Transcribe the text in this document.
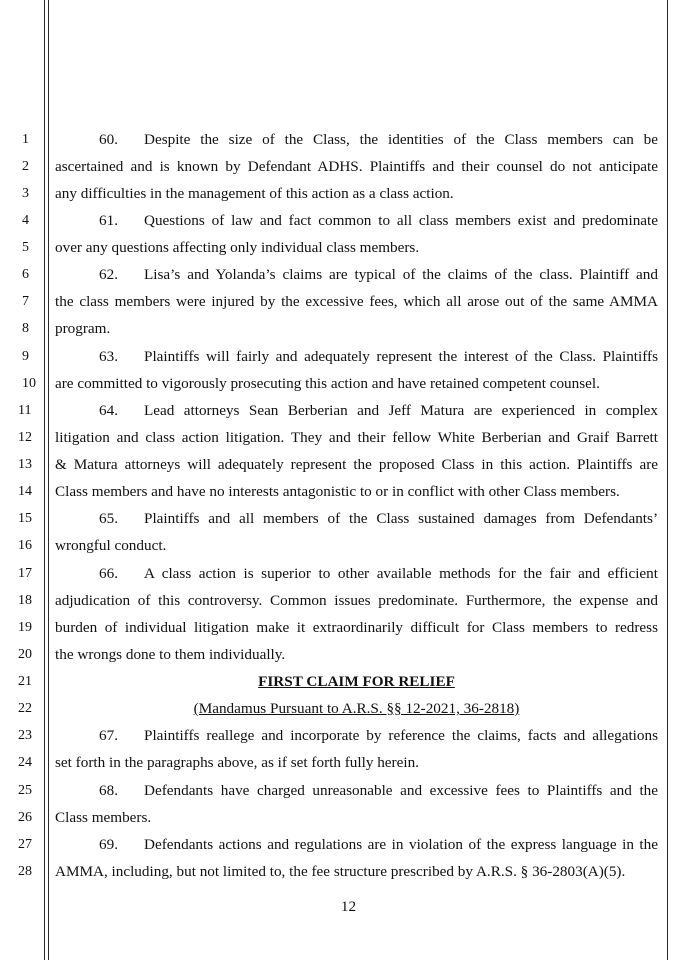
1
2
3
4
5
6
7
8
9
10
11
12
13
14
15
16
17
18
19
20
21
22
23
24
25
26
27
28
60. Despite the size of the Class, the identities of the Class members can be
ascertained and is known by Defendant ADHS. Plaintiffs and their counsel do not anticipate
any difficulties in the management of this action as a class action.
61. Questions of law and fact common to all class members exist and predominate
over any questions affecting only individual class members.
62. Lisa’s and Yolanda’s claims are typical of the claims of the class. Plaintiff and
the class members were injured by the excessive fees, which all arose out of the same AMMA
program.
63. Plaintiffs will fairly and adequately represent the interest of the Class. Plaintiffs
are committed to vigorously prosecuting this action and have retained competent counsel.
64. Lead attorneys Sean Berberian and Jeff Matura are experienced in complex
litigation and class action litigation. They and their fellow White Berberian and Graif Barrett
& Matura attorneys will adequately represent the proposed Class in this action. Plaintiffs are
Class members and have no interests antagonistic to or in conflict with other Class members.
65. Plaintiffs and all members of the Class sustained damages from Defendants’
wrongful conduct.
66. A class action is superior to other available methods for the fair and efficient
adjudication of this controversy. Common issues predominate. Furthermore, the expense and
burden of individual litigation make it extraordinarily difficult for Class members to redress
the wrongs done to them individually.
FIRST CLAIM FOR RELIEF
(Mandamus Pursuant to A.R.S. §§ 12-2021, 36-2818)
67. Plaintiffs reallege and incorporate by reference the claims, facts and allegations
set forth in the paragraphs above, as if set forth fully herein.
68. Defendants have charged unreasonable and excessive fees to Plaintiffs and the
Class members.
69. Defendants actions and regulations are in violation of the express language in the
AMMA, including, but not limited to, the fee structure prescribed by A.R.S. § 36-2803(A)(5).
12
